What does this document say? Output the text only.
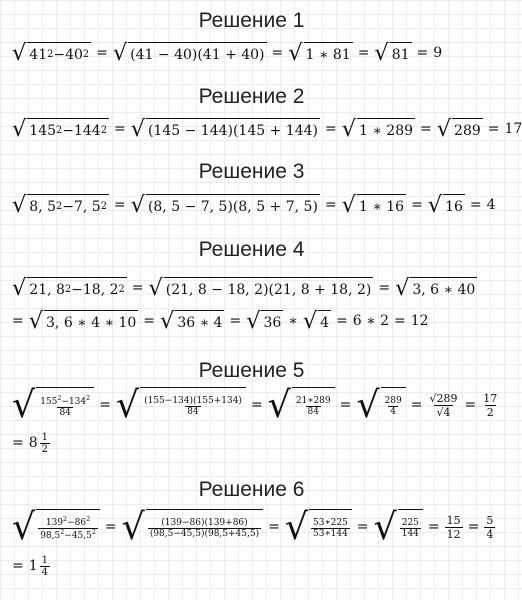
Решение 1
√ 41 2 − 40 2 = √ (41 − 40)(41 + 40) = √ 1 ∗ 81 = √ 81 = 9
Решение 2
√ 145 2 − 144 2 = √ (145 − 144)(145 + 144) = √ 1 ∗ 289 = √ 289 = 17
Решение 3
√ 8, 5 2 − 7, 5 2 = √ (8, 5 − 7, 5)(8, 5 + 7, 5) = √ 1 ∗ 16 = √ 16 = 4
Решение 4
√ 21, 8 2 − 18, 2 2 = √ (21, 8 − 18, 2)(21, 8 + 18, 2) = √ 3, 6 ∗ 40
= √ 3, 6 ∗ 4 ∗ 10 = √ 36 ∗ 4 = √ 36 ∗ √ 4 = 6 ∗ 2 = 12
Решение 5
√ $\frac{155^2-134^2}{84}$ = √ $\frac{(155-134)(155+134)}{84}$ = √ $\frac{21∗289}{84}$ = √ $\frac{289}{4} = \frac{√289}{√4} = \frac{17}{2}$
= $8 \frac{1}{2}$
Решение 6
√ $\frac{139^2-86^2}{98,5^2-45,5^2}$ = √ $\frac{(139-86)(139+86)}{(98,5-45,5)(98,5+45,5)}$ = √ $\frac{53∗225}{53∗144}$ = √ $\frac{225}{144} = \frac{15}{12} = \frac{5}{4}$
= $1 \frac{1}{4}$
